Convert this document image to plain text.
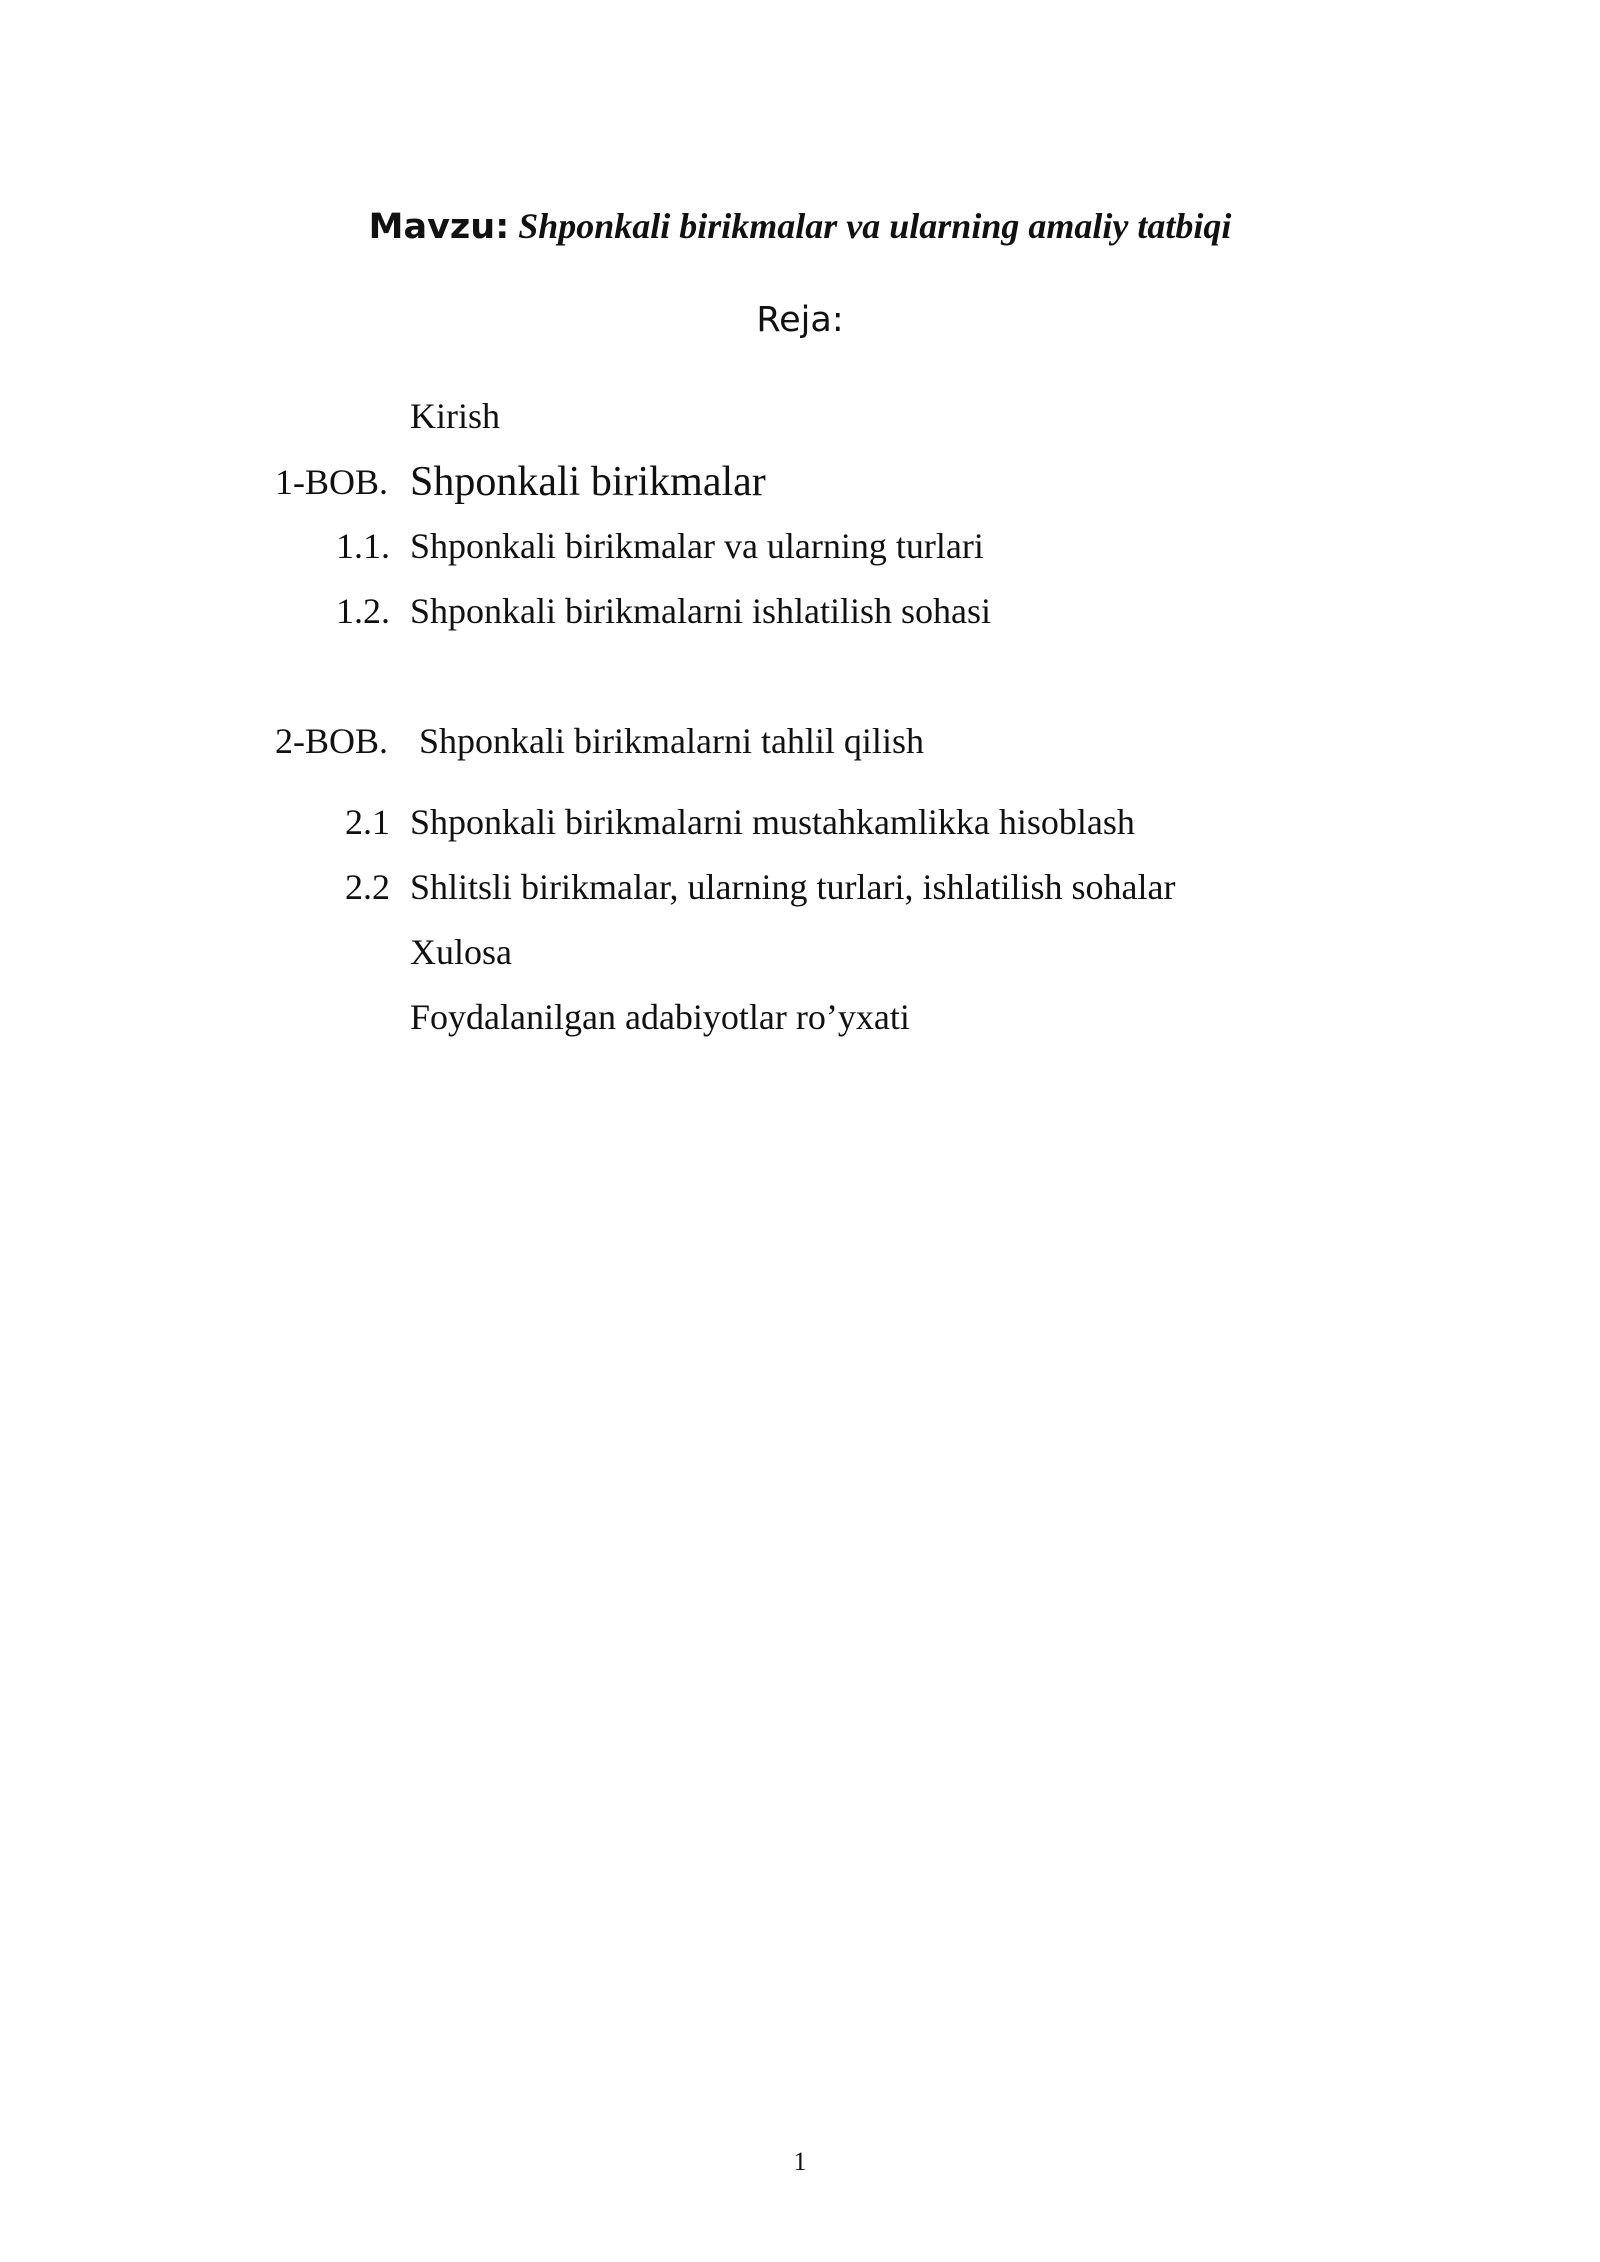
Mavzu: Shponkali birikmalar va ularning amaliy tatbiqi
Reja:
Kirish
1-BOB. Shponkali birikmalar
1.1. Shponkali birikmalar va ularning turlari
1.2. Shponkali birikmalarni ishlatilish sohasi
2-BOB. Shponkali birikmalarni tahlil qilish
2.1 Shponkali birikmalarni mustahkamlikka hisoblash
2.2 Shlitsli birikmalar, ularning turlari, ishlatilish sohalar
Xulosa
Foydalanilgan adabiyotlar ro’yxati
1
